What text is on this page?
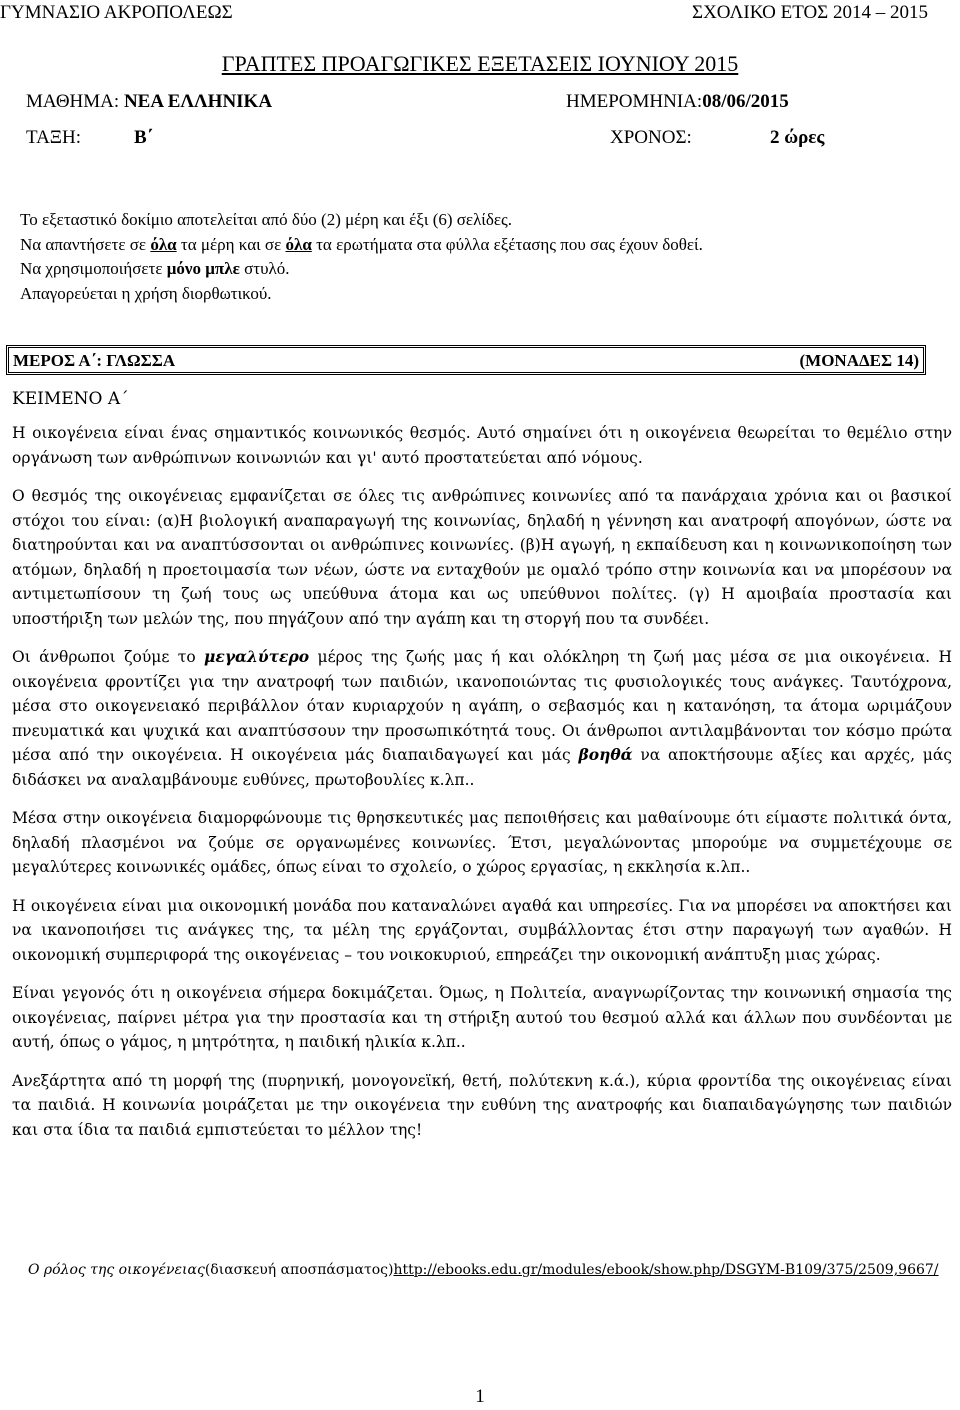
ΓΥΜΝΑΣΙΟ ΑΚΡΟΠΟΛΕΩΣ	ΣΧΟΛΙΚΟ ΕΤΟΣ 2014 – 2015
ΓΡΑΠΤΕΣ ΠΡΟΑΓΩΓΙΚΕΣ ΕΞΕΤΑΣΕΙΣ ΙΟΥΝΙΟΥ 2015
ΜΑΘΗΜΑ: ΝΕΑ ΕΛΛΗΝΙΚΑ	ΗΜΕΡΟΜΗΝΙΑ:08/06/2015
ΤΑΞΗ:	Β΄	ΧΡΟΝΟΣ:	2 ώρες

Το εξεταστικό δοκίμιο αποτελείται από δύο (2) μέρη και έξι (6) σελίδες.

Να απαντήσετε σε όλα τα μέρη και σε όλα τα ερωτήματα στα φύλλα εξέτασης που σας έχουν δοθεί.

Να χρησιμοποιήσετε μόνο μπλε στυλό.

Απαγορεύεται η χρήση διορθωτικού.

ΜΕΡΟΣ Α΄: ΓΛΩΣΣΑ	(ΜΟΝΑΔΕΣ 14)
ΚΕΙΜΕΝΟ Α΄

Η οικογένεια είναι ένας σημαντικός κοινωνικός θεσμός. Αυτό σημαίνει ότι η οικογένεια θεωρείται το θεμέλιο στην οργάνωση των ανθρώπινων κοινωνιών και γι' αυτό προστατεύεται από νόμους.

Ο θεσμός της οικογένειας εμφανίζεται σε όλες τις ανθρώπινες κοινωνίες από τα πανάρχαια χρόνια και οι βασικοί στόχοι του είναι: (α)Η βιολογική αναπαραγωγή της κοινωνίας, δηλαδή η γέννηση και ανατροφή απογόνων, ώστε να διατηρούνται και να αναπτύσσονται οι ανθρώπινες κοινωνίες. (β)Η αγωγή, η εκπαίδευση και η κοινωνικοποίηση των ατόμων, δηλαδή η προετοιμασία των νέων, ώστε να ενταχθούν με ομαλό τρόπο στην κοινωνία και να μπορέσουν να αντιμετωπίσουν τη ζωή τους ως υπεύθυνα άτομα και ως υπεύθυνοι πολίτες. (γ) Η αμοιβαία προστασία και υποστήριξη των μελών της, που πηγάζουν από την αγάπη και τη στοργή που τα συνδέει.

Οι άνθρωποι ζούμε το μεγαλύτερο μέρος της ζωής μας ή και ολόκληρη τη ζωή μας μέσα σε μια οικογένεια. Η οικογένεια φροντίζει για την ανατροφή των παιδιών, ικανοποιώντας τις φυσιολογικές τους ανάγκες. Ταυτόχρονα, μέσα στο οικογενειακό περιβάλλον όταν κυριαρχούν η αγάπη, ο σεβασμός και η κατανόηση, τα άτομα ωριμάζουν πνευματικά και ψυχικά και αναπτύσσουν την προσωπικότητά τους. Οι άνθρωποι αντιλαμβάνονται τον κόσμο πρώτα μέσα από την οικογένεια. Η οικογένεια μάς διαπαιδαγωγεί και μάς βοηθά να αποκτήσουμε αξίες και αρχές, μάς διδάσκει να αναλαμβάνουμε ευθύνες, πρωτοβουλίες κ.λπ..

Μέσα στην οικογένεια διαμορφώνουμε τις θρησκευτικές μας πεποιθήσεις και μαθαίνουμε ότι είμαστε πολιτικά όντα, δηλαδή πλασμένοι να ζούμε σε οργανωμένες κοινωνίες. Έτσι, μεγαλώνοντας μπορούμε να συμμετέχουμε σε μεγαλύτερες κοινωνικές ομάδες, όπως είναι το σχολείο, ο χώρος εργασίας, η εκκλησία κ.λπ..

Η οικογένεια είναι μια οικονομική μονάδα που καταναλώνει αγαθά και υπηρεσίες. Για να μπορέσει να αποκτήσει και να ικανοποιήσει τις ανάγκες της, τα μέλη της εργάζονται, συμβάλλοντας έτσι στην παραγωγή των αγαθών. Η οικονομική συμπεριφορά της οικογένειας – του νοικοκυριού, επηρεάζει την οικονομική ανάπτυξη μιας χώρας.

Είναι γεγονός ότι η οικογένεια σήμερα δοκιμάζεται. Όμως, η Πολιτεία, αναγνωρίζοντας την κοινωνική σημασία της οικογένειας, παίρνει μέτρα για την προστασία και τη στήριξη αυτού του θεσμού αλλά και άλλων που συνδέονται με αυτή, όπως ο γάμος, η μητρότητα, η παιδική ηλικία κ.λπ..

Ανεξάρτητα από τη μορφή της (πυρηνική, μονογονεϊκή, θετή, πολύτεκνη κ.ά.), κύρια φροντίδα της οικογένειας είναι τα παιδιά. Η κοινωνία μοιράζεται με την οικογένεια την ευθύνη της ανατροφής και διαπαιδαγώγησης των παιδιών και στα ίδια τα παιδιά εμπιστεύεται το μέλλον της!

Ο ρόλος της οικογένειας(διασκευή αποσπάσματος)http://ebooks.edu.gr/modules/ebook/show.php/DSGYM-B109/375/2509,9667/
1
